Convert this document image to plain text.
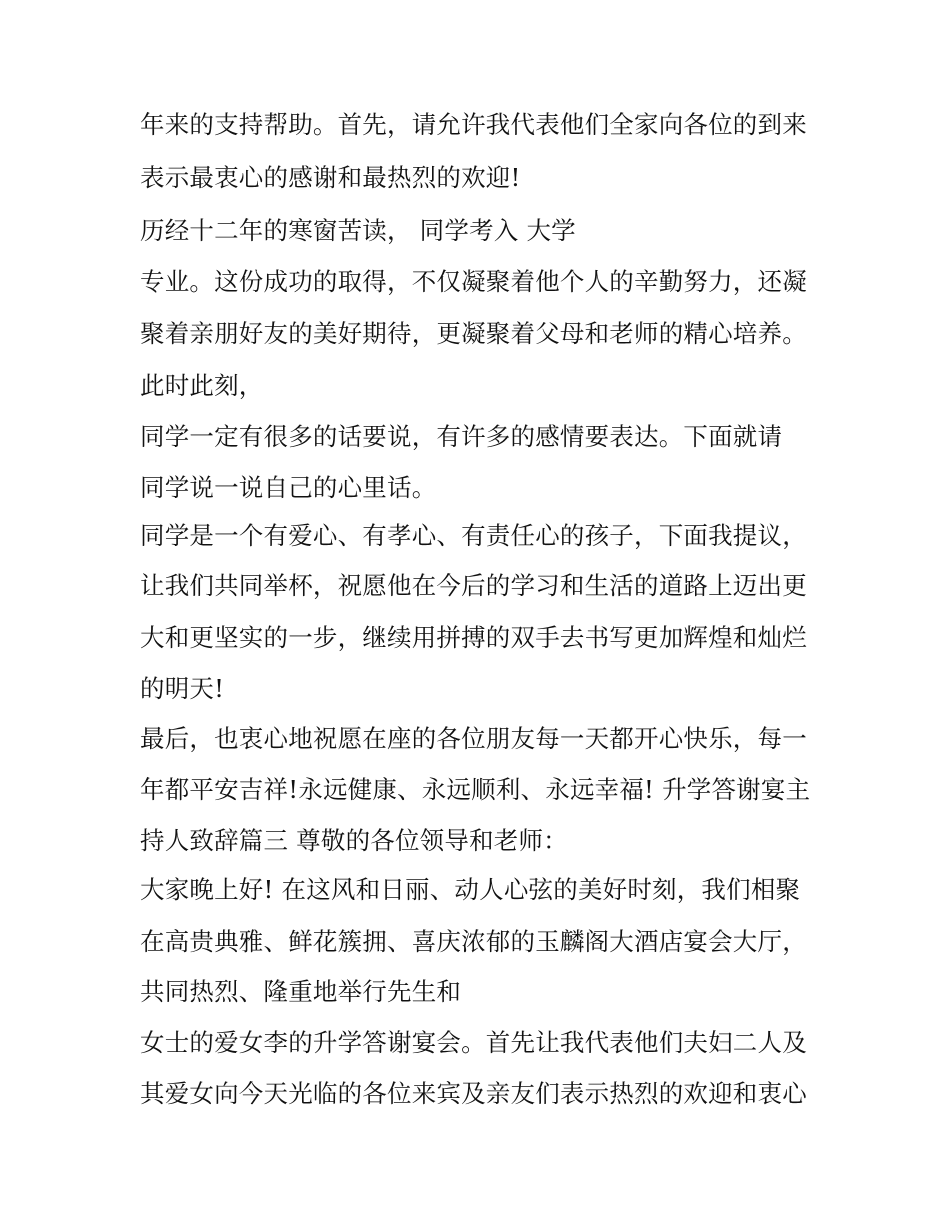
年来的支持帮助。首先，请允许我代表他们全家向各位的到来

表示最衷心的感谢和最热烈的欢迎!

历经十二年的寒窗苦读， 同学考入 大学

专业。这份成功的取得，不仅凝聚着他个人的辛勤努力，还凝

聚着亲朋好友的美好期待，更凝聚着父母和老师的精心培养。

此时此刻，

同学一定有很多的话要说，有许多的感情要表达。下面就请

同学说一说自己的心里话。

同学是一个有爱心、有孝心、有责任心的孩子，下面我提议，

让我们共同举杯，祝愿他在今后的学习和生活的道路上迈出更

大和更坚实的一步，继续用拼搏的双手去书写更加辉煌和灿烂

的明天!

最后，也衷心地祝愿在座的各位朋友每一天都开心快乐，每一

年都平安吉祥!永远健康、永远顺利、永远幸福! 升学答谢宴主

持人致辞篇三 尊敬的各位领导和老师：

大家晚上好! 在这风和日丽、动人心弦的美好时刻，我们相聚

在高贵典雅、鲜花簇拥、喜庆浓郁的玉麟阁大酒店宴会大厅，

共同热烈、隆重地举行先生和

女士的爱女李的升学答谢宴会。首先让我代表他们夫妇二人及

其爱女向今天光临的各位来宾及亲友们表示热烈的欢迎和衷心
